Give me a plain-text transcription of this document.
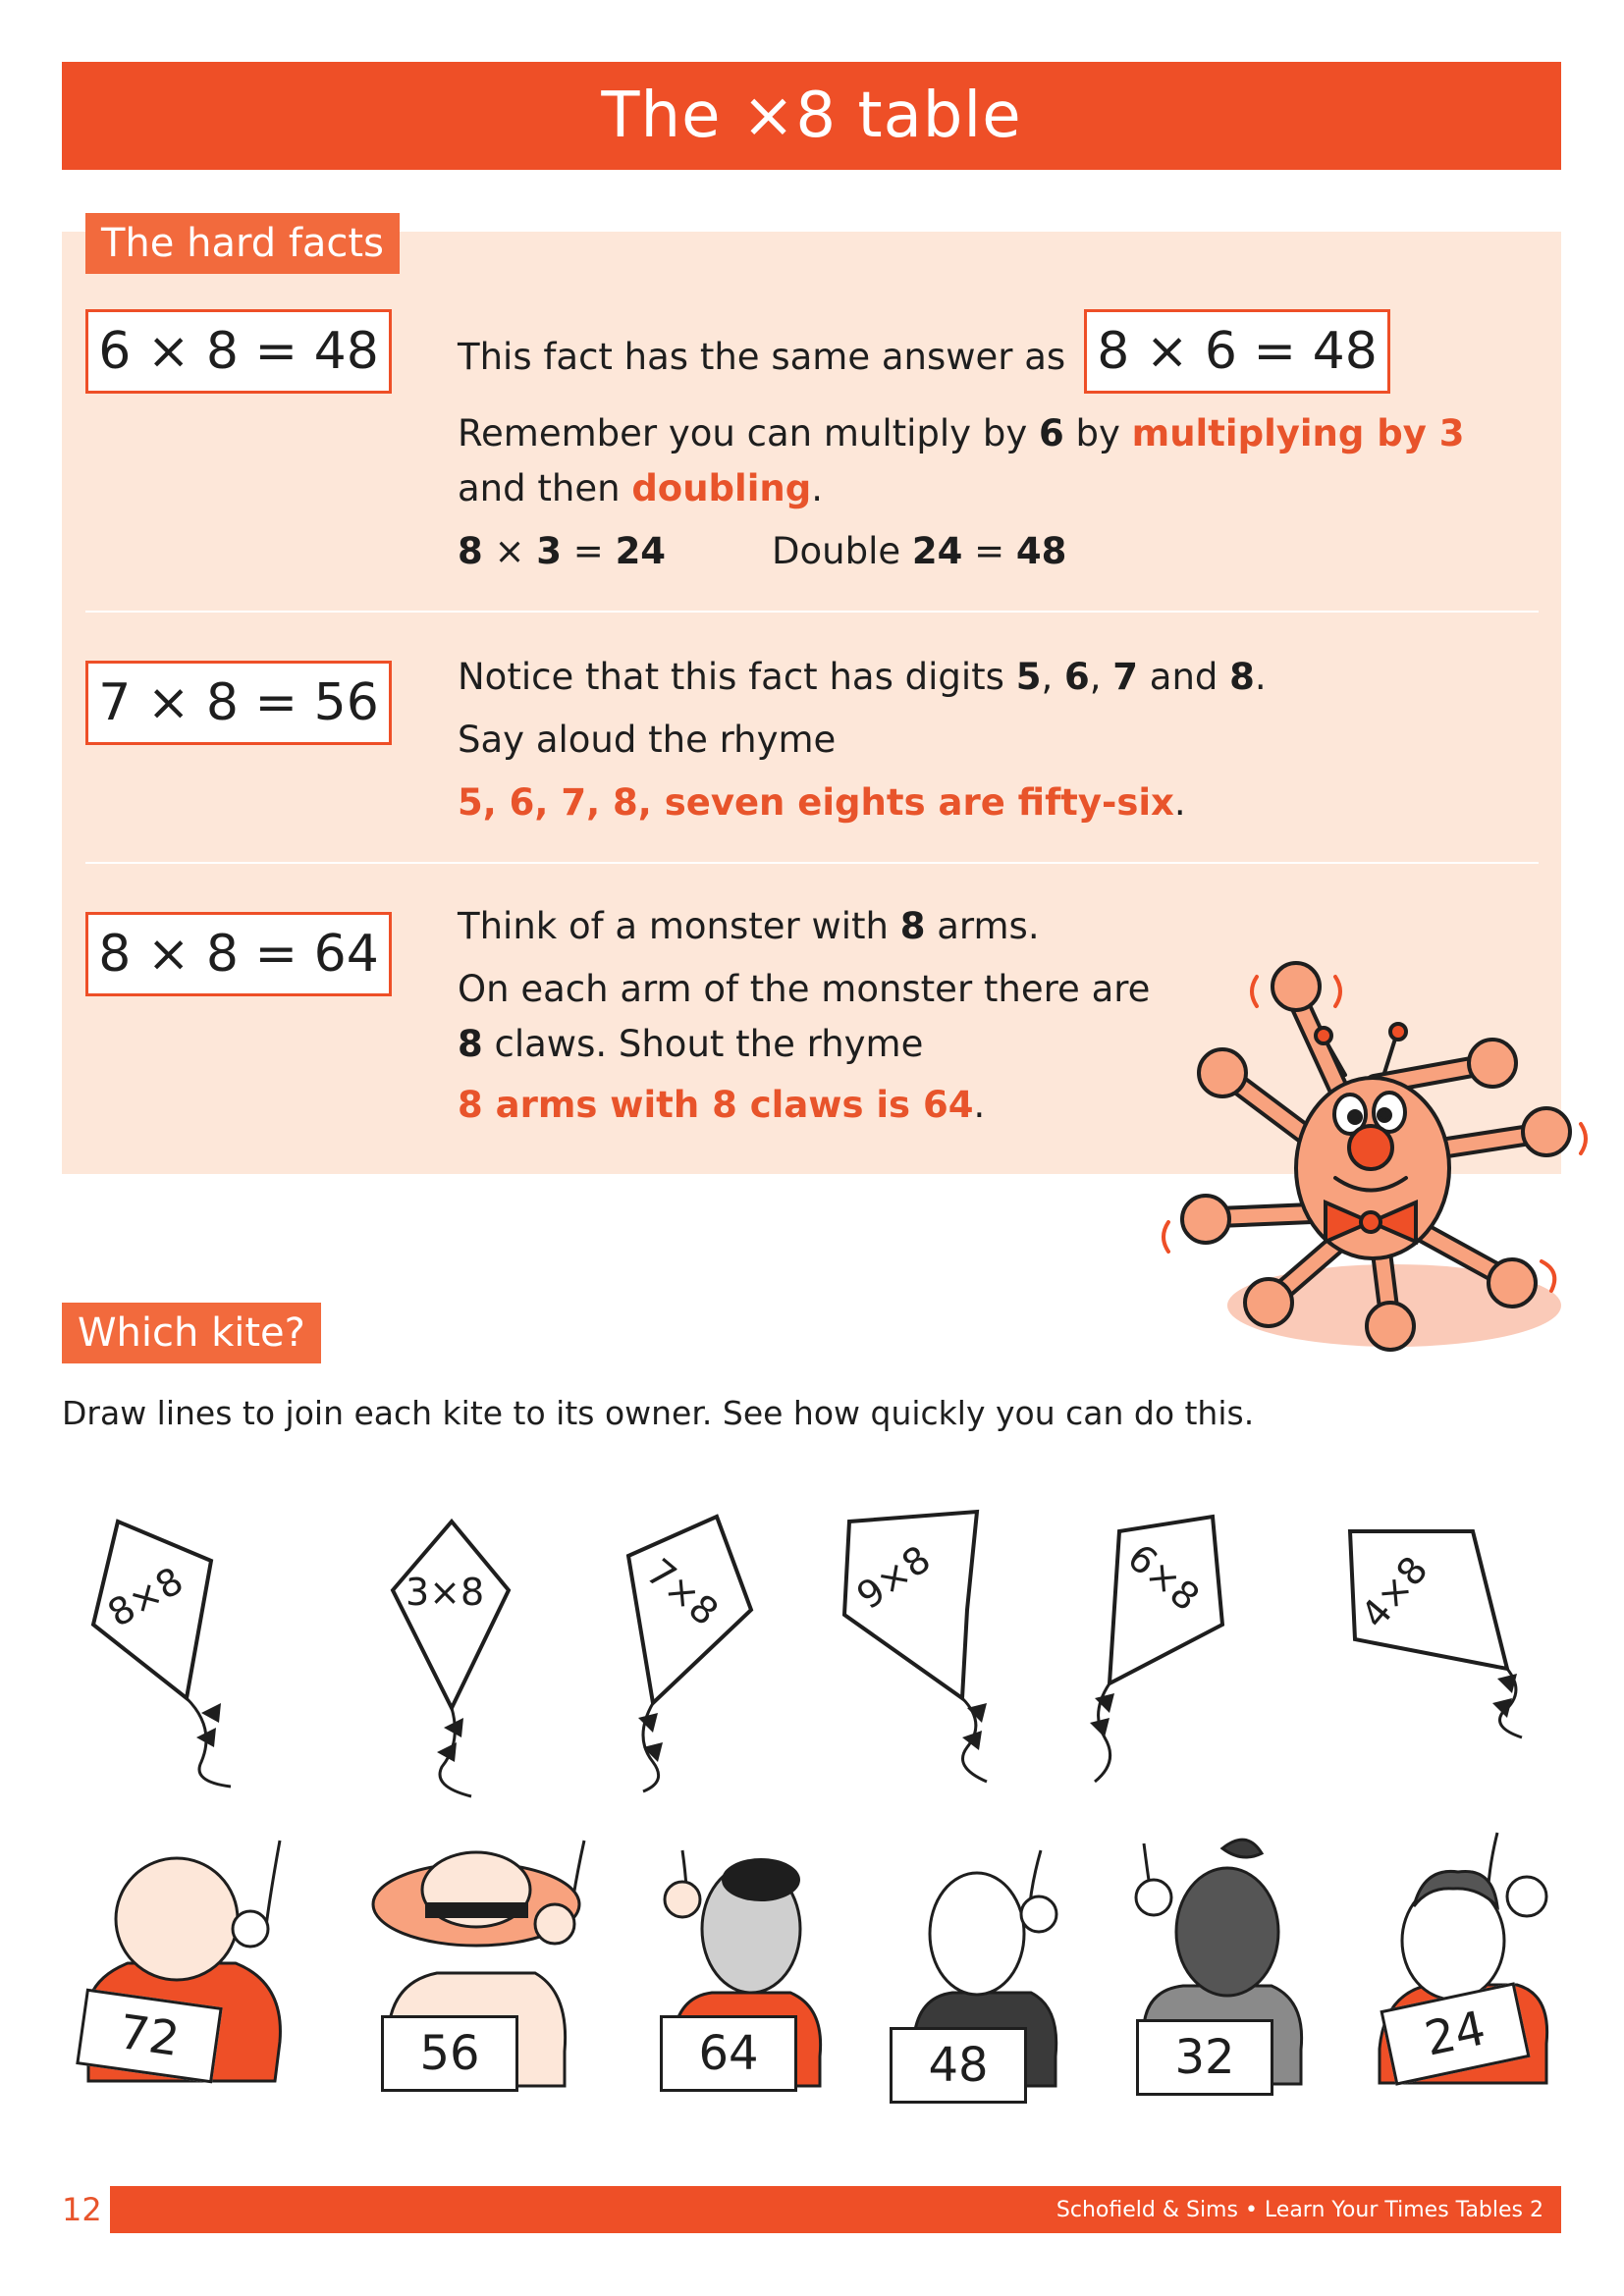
The ×8 table
The hard facts
6 × 8 = 48	This fact has the same answer as 8 × 6 = 48
Remember you can multiply by 6 by multiplying by 3
and then doubling.
8 × 3 = 24	Double 24 = 48
7 × 8 = 56	Notice that this fact has digits 5, 6, 7 and 8.
Say aloud the rhyme
5, 6, 7, 8, seven eights are fifty-six.
8 × 8 = 64	Think of a monster with 8 arms.
On each arm of the monster there are
8 claws. Shout the rhyme
8 arms with 8 claws is 64.
Which kite?
Draw lines to join each kite to its owner. See how quickly you can do this.
8×8	3×8	7×8	9×8	6×8	4×8
72	56	64	48	32	24
12	Schofield & Sims • Learn Your Times Tables 2
